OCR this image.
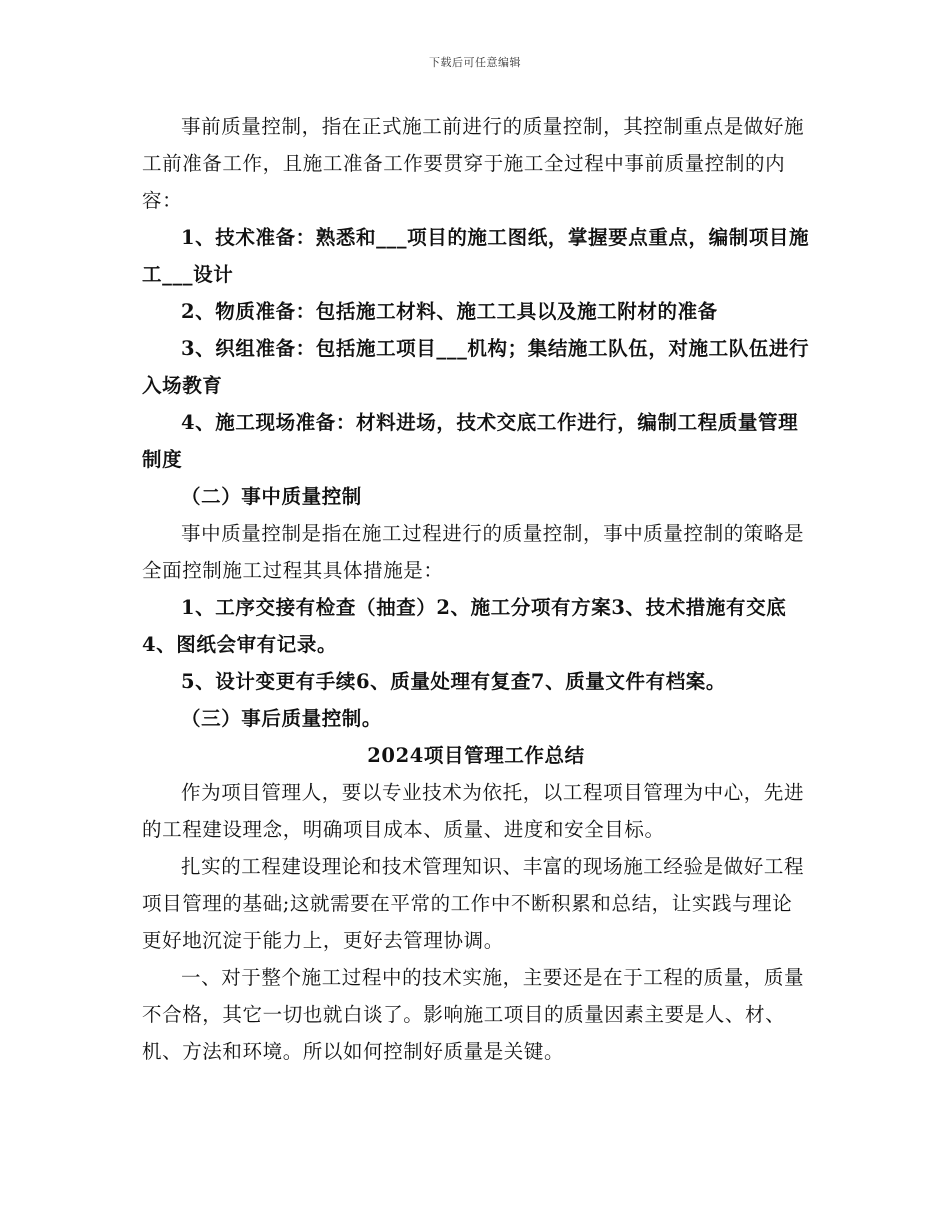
下载后可任意编辑

事前质量控制，指在正式施工前进行的质量控制，其控制重点是做好施工前准备工作，且施工准备工作要贯穿于施工全过程中事前质量控制的内容：

1、技术准备：熟悉和___项目的施工图纸，掌握要点重点，编制项目施工___设计

2、物质准备：包括施工材料、施工工具以及施工附材的准备

3、织组准备：包括施工项目___机构；集结施工队伍，对施工队伍进行入场教育

4、施工现场准备：材料进场，技术交底工作进行，编制工程质量管理制度

（二）事中质量控制

事中质量控制是指在施工过程进行的质量控制，事中质量控制的策略是全面控制施工过程其具体措施是：

1、工序交接有检查（抽查）2、施工分项有方案3、技术措施有交底4、图纸会审有记录。

5、设计变更有手续6、质量处理有复查7、质量文件有档案。

（三）事后质量控制。

2024项目管理工作总结

作为项目管理人，要以专业技术为依托，以工程项目管理为中心，先进的工程建设理念，明确项目成本、质量、进度和安全目标。

扎实的工程建设理论和技术管理知识、丰富的现场施工经验是做好工程项目管理的基础;这就需要在平常的工作中不断积累和总结，让实践与理论更好地沉淀于能力上，更好去管理协调。

一、对于整个施工过程中的技术实施，主要还是在于工程的质量，质量不合格，其它一切也就白谈了。影响施工项目的质量因素主要是人、材、机、方法和环境。所以如何控制好质量是关键。
